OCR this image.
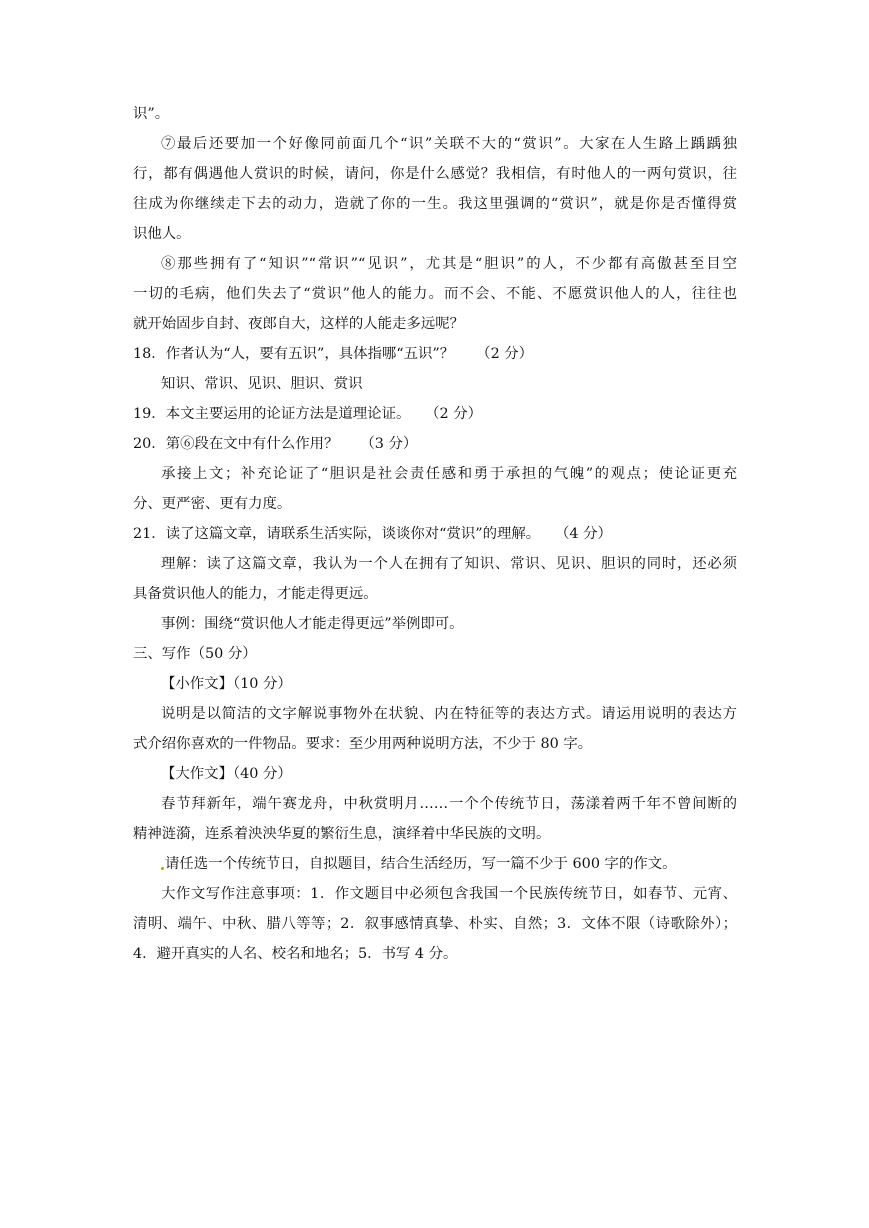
识”。
⑦最后还要加一个好像同前面几个“识”关联不大的“赏识”。大家在人生路上踽踽独
行，都有偶遇他人赏识的时候，请问，你是什么感觉？我相信，有时他人的一两句赏识，往
往成为你继续走下去的动力，造就了你的一生。我这里强调的“赏识”，就是你是否懂得赏
识他人。
⑧那些拥有了“知识”“常识”“见识”，尤其是“胆识”的人，不少都有高傲甚至目空
一切的毛病，他们失去了“赏识”他人的能力。而不会、不能、不愿赏识他人的人，往往也
就开始固步自封、夜郎自大，这样的人能走多远呢？
18．作者认为“人，要有五识”，具体指哪“五识”？ （2 分）
知识、常识、见识、胆识、赏识
19．本文主要运用的论证方法是道理论证。 （2 分）
20．第⑥段在文中有什么作用？ （3 分）
承接上文；补充论证了“胆识是社会责任感和勇于承担的气魄”的观点；使论证更充
分、更严密、更有力度。
21．读了这篇文章，请联系生活实际，谈谈你对“赏识”的理解。 （4 分）
理解：读了这篇文章，我认为一个人在拥有了知识、常识、见识、胆识的同时，还必须
具备赏识他人的能力，才能走得更远。
事例：围绕“赏识他人才能走得更远”举例即可。
三、写作（50 分）
【小作文】（10 分）
说明是以简洁的文字解说事物外在状貌、内在特征等的表达方式。请运用说明的表达方
式介绍你喜欢的一件物品。要求：至少用两种说明方法，不少于 80 字。
【大作文】（40 分）
春节拜新年，端午赛龙舟，中秋赏明月……一个个传统节日，荡漾着两千年不曾间断的
精神涟漪，连系着泱泱华夏的繁衍生息，演绎着中华民族的文明。
请任选一个传统节日，自拟题目，结合生活经历，写一篇不少于 600 字的作文。
大作文写作注意事项：1．作文题目中必须包含我国一个民族传统节日，如春节、元宵、
清明、端午、中秋、腊八等等；2．叙事感情真挚、朴实、自然；3．文体不限（诗歌除外）；
4．避开真实的人名、校名和地名；5．书写 4 分。
